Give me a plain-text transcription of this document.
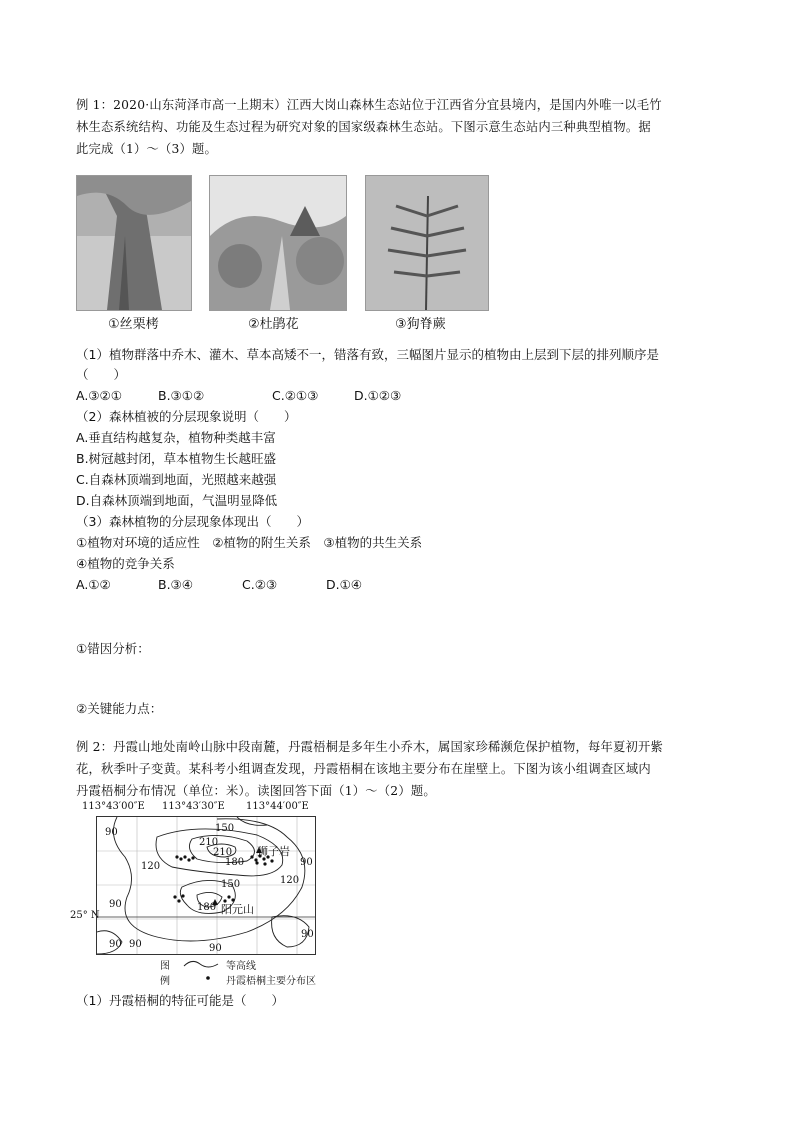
例 1：2020·山东菏泽市高一上期末）江西大岗山森林生态站位于江西省分宜县境内，是国内外唯一以毛竹
林生态系统结构、功能及生态过程为研究对象的国家级森林生态站。下图示意生态站内三种典型植物。据
此完成（1）～（3）题。
①丝栗栲	②杜鹃花	③狗脊蕨
（1）植物群落中乔木、灌木、草本高矮不一，错落有致，三幅图片显示的植物由上层到下层的排列顺序是
（　　）
A.③②①	B.③①②	C.②①③	D.①②③
（2）森林植被的分层现象说明（　　）
A.垂直结构越复杂，植物种类越丰富
B.树冠越封闭，草本植物生长越旺盛
C.自森林顶端到地面，光照越来越强
D.自森林顶端到地面，气温明显降低
（3）森林植物的分层现象体现出（　　）
①植物对环境的适应性　②植物的附生关系　③植物的共生关系
④植物的竞争关系
A.①②	B.③④	C.②③	D.①④
①错因分析：
②关键能力点：
例 2：丹霞山地处南岭山脉中段南麓，丹霞梧桐是多年生小乔木，属国家珍稀濒危保护植物，每年夏初开紫
花，秋季叶子变黄。某科考小组调查发现，丹霞梧桐在该地主要分布在崖壁上。下图为该小组调查区域内
丹霞梧桐分布情况（单位：米）。读图回答下面（1）～（2）题。
113°43′00″E 113°43′30″E 113°44′00″E
25° N
90	150
210
210
180
120	90
120
90
150
180
90 90
90
90
狮子岩
阳元山
图
例
等高线
丹霞梧桐主要分布区
（1）丹霞梧桐的特征可能是（　　）
